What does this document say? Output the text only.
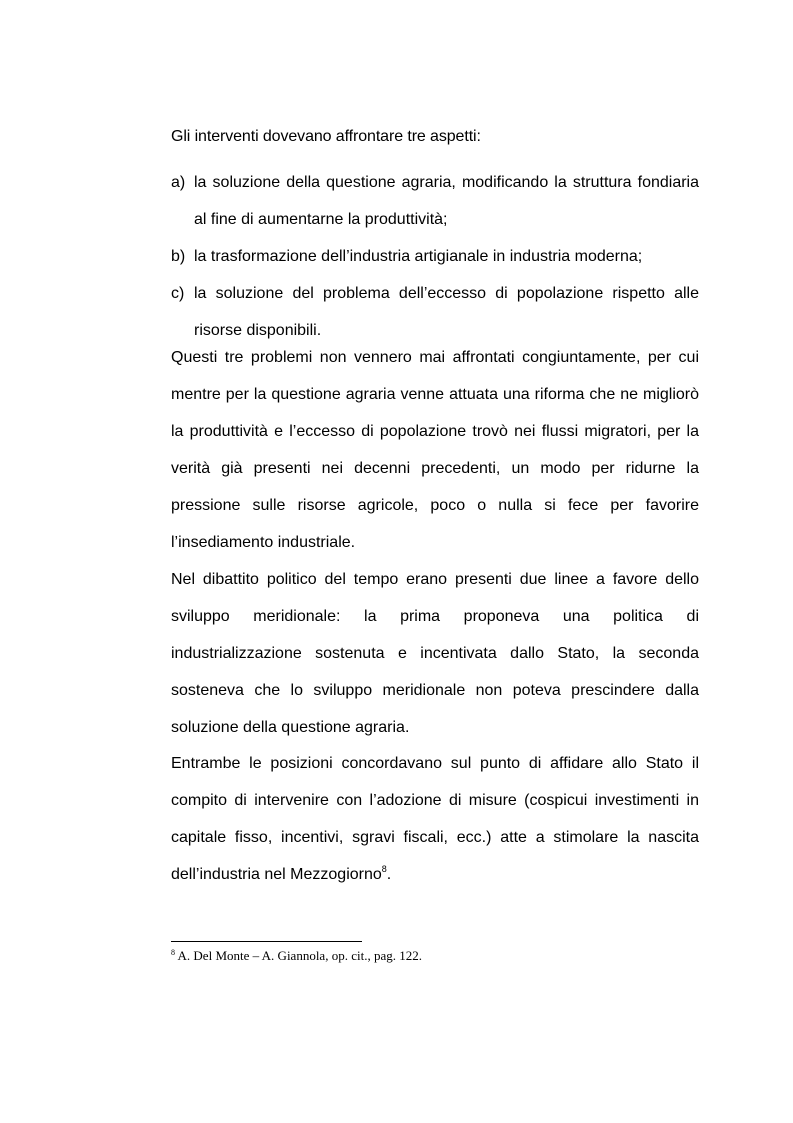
Gli interventi dovevano affrontare tre aspetti:

a) la soluzione della questione agraria, modificando la struttura fondiaria al fine di aumentarne la produttività;
b) la trasformazione dell’industria artigianale in industria moderna;
c) la soluzione del problema dell’eccesso di popolazione rispetto alle risorse disponibili.

Questi tre problemi non vennero mai affrontati congiuntamente, per cui mentre per la questione agraria venne attuata una riforma che ne migliorò la produttività e l’eccesso di popolazione trovò nei flussi migratori, per la verità già presenti nei decenni precedenti, un modo per ridurne la pressione sulle risorse agricole, poco o nulla si fece per favorire l’insediamento industriale.

Nel dibattito politico del tempo erano presenti due linee a favore dello sviluppo meridionale: la prima proponeva una politica di industrializzazione sostenuta e incentivata dallo Stato, la seconda sosteneva che lo sviluppo meridionale non poteva prescindere dalla soluzione della questione agraria.

Entrambe le posizioni concordavano sul punto di affidare allo Stato il compito di intervenire con l’adozione di misure (cospicui investimenti in capitale fisso, incentivi, sgravi fiscali, ecc.) atte a stimolare la nascita dell’industria nel Mezzogiorno$^8$.

$^8$ A. Del Monte – A. Giannola, op. cit., pag. 122.
